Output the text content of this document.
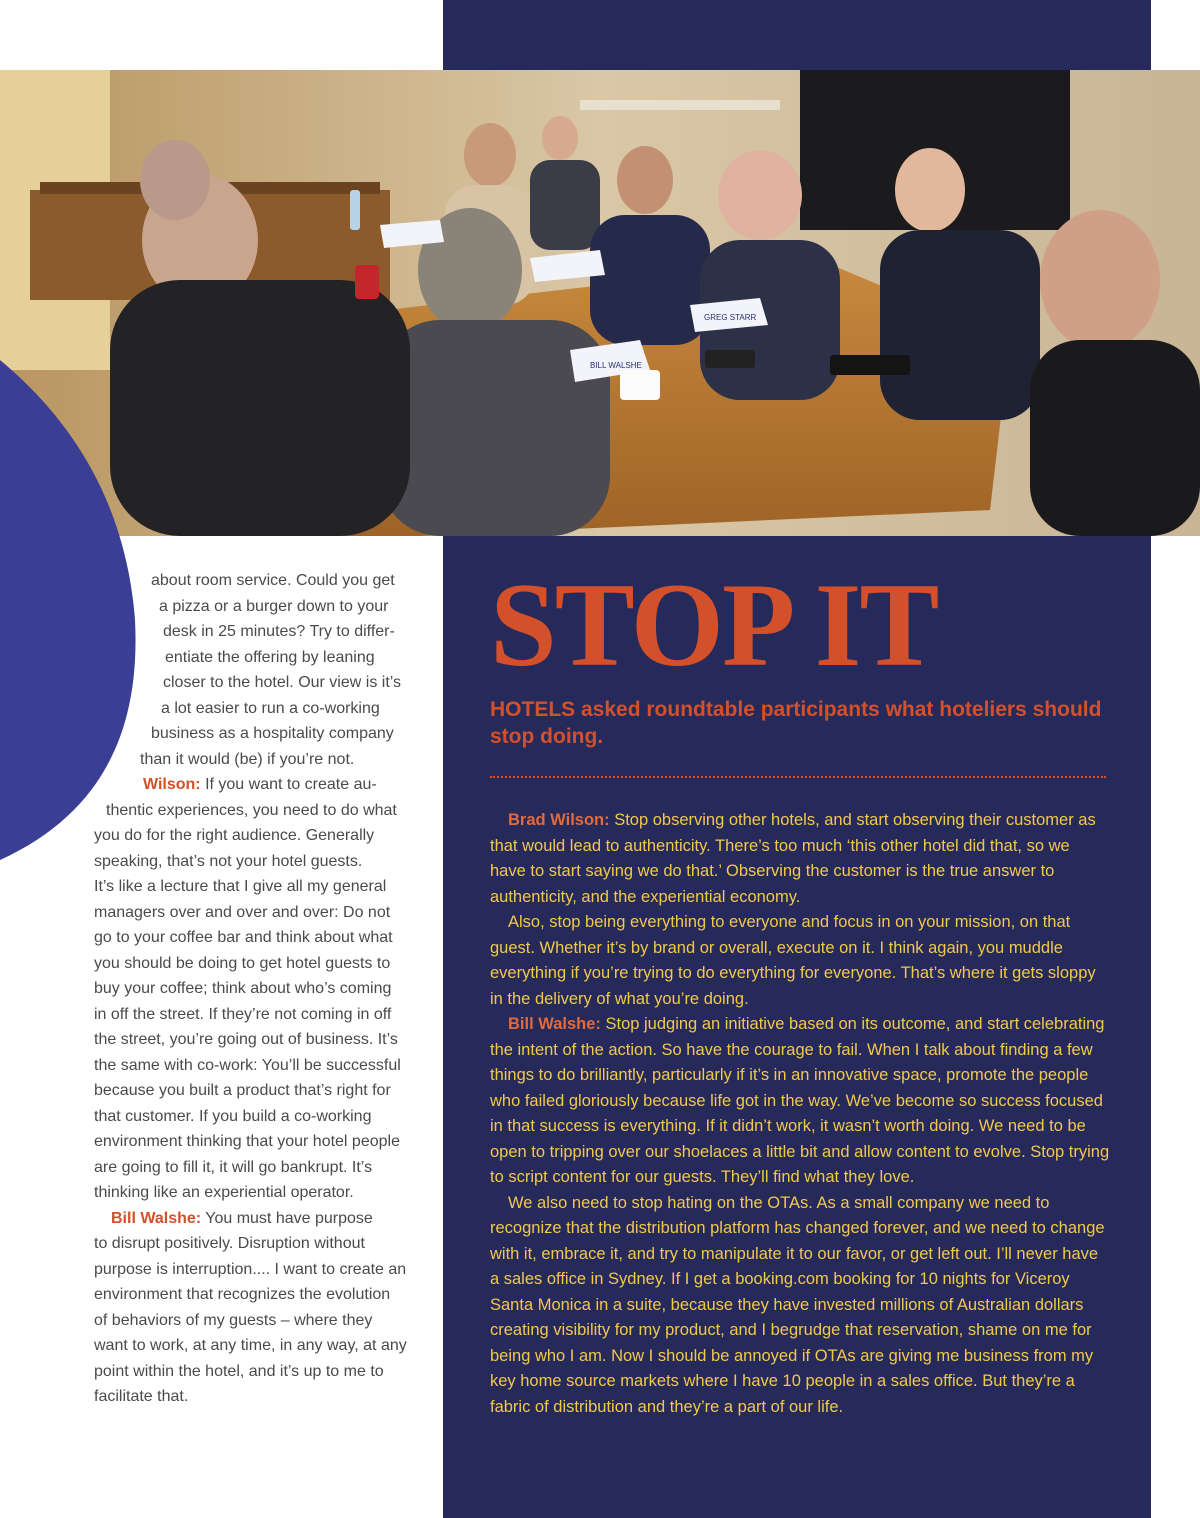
BILL WALSHE
GREG STARR

about room service. Could you get
a pizza or a burger down to your
desk in 25 minutes? Try to differ-
entiate the offering by leaning
closer to the hotel. Our view is it’s
a lot easier to run a co-working
business as a hospitality company
than it would (be) if you’re not.

Wilson: If you want to create au-
thentic experiences, you need to do what
you do for the right audience. Generally
speaking, that’s not your hotel guests.
It’s like a lecture that I give all my general
managers over and over and over: Do not
go to your coffee bar and think about what
you should be doing to get hotel guests to
buy your coffee; think about who’s coming
in off the street. If they’re not coming in off
the street, you’re going out of business. It’s
the same with co-work: You’ll be successful
because you built a product that’s right for
that customer. If you build a co-working
environment thinking that your hotel people
are going to fill it, it will go bankrupt. It’s
thinking like an experiential operator.

Bill Walshe: You must have purpose
to disrupt positively. Disruption without
purpose is interruption.... I want to create an
environment that recognizes the evolution
of behaviors of my guests – where they
want to work, at any time, in any way, at any
point within the hotel, and it’s up to me to
facilitate that.

STOP IT
HOTELS asked roundtable participants what hoteliers should stop doing.

Brad Wilson: Stop observing other hotels, and start observing their customer as that would lead to authenticity. There’s too much ‘this other hotel did that, so we have to start saying we do that.’ Observing the customer is the true answer to authenticity, and the experiential economy.

Also, stop being everything to everyone and focus in on your mission, on that guest. Whether it’s by brand or overall, execute on it. I think again, you muddle everything if you’re trying to do everything for everyone. That’s where it gets sloppy in the delivery of what you’re doing.

Bill Walshe: Stop judging an initiative based on its outcome, and start celebrating the intent of the action. So have the courage to fail. When I talk about finding a few things to do brilliantly, particularly if it’s in an innovative space, promote the people who failed gloriously because life got in the way. We’ve become so success focused in that success is everything. If it didn’t work, it wasn’t worth doing. We need to be open to tripping over our shoelaces a little bit and allow content to evolve. Stop trying to script content for our guests. They’ll find what they love.

We also need to stop hating on the OTAs. As a small company we need to recognize that the distribution platform has changed forever, and we need to change with it, embrace it, and try to manipulate it to our favor, or get left out. I’ll never have a sales office in Sydney. If I get a booking.com booking for 10 nights for Viceroy Santa Monica in a suite, because they have invested millions of Australian dollars creating visibility for my product, and I begrudge that reservation, shame on me for being who I am. Now I should be annoyed if OTAs are giving me business from my key home source markets where I have 10 people in a sales office. But they’re a fabric of distribution and they’re a part of our life.
